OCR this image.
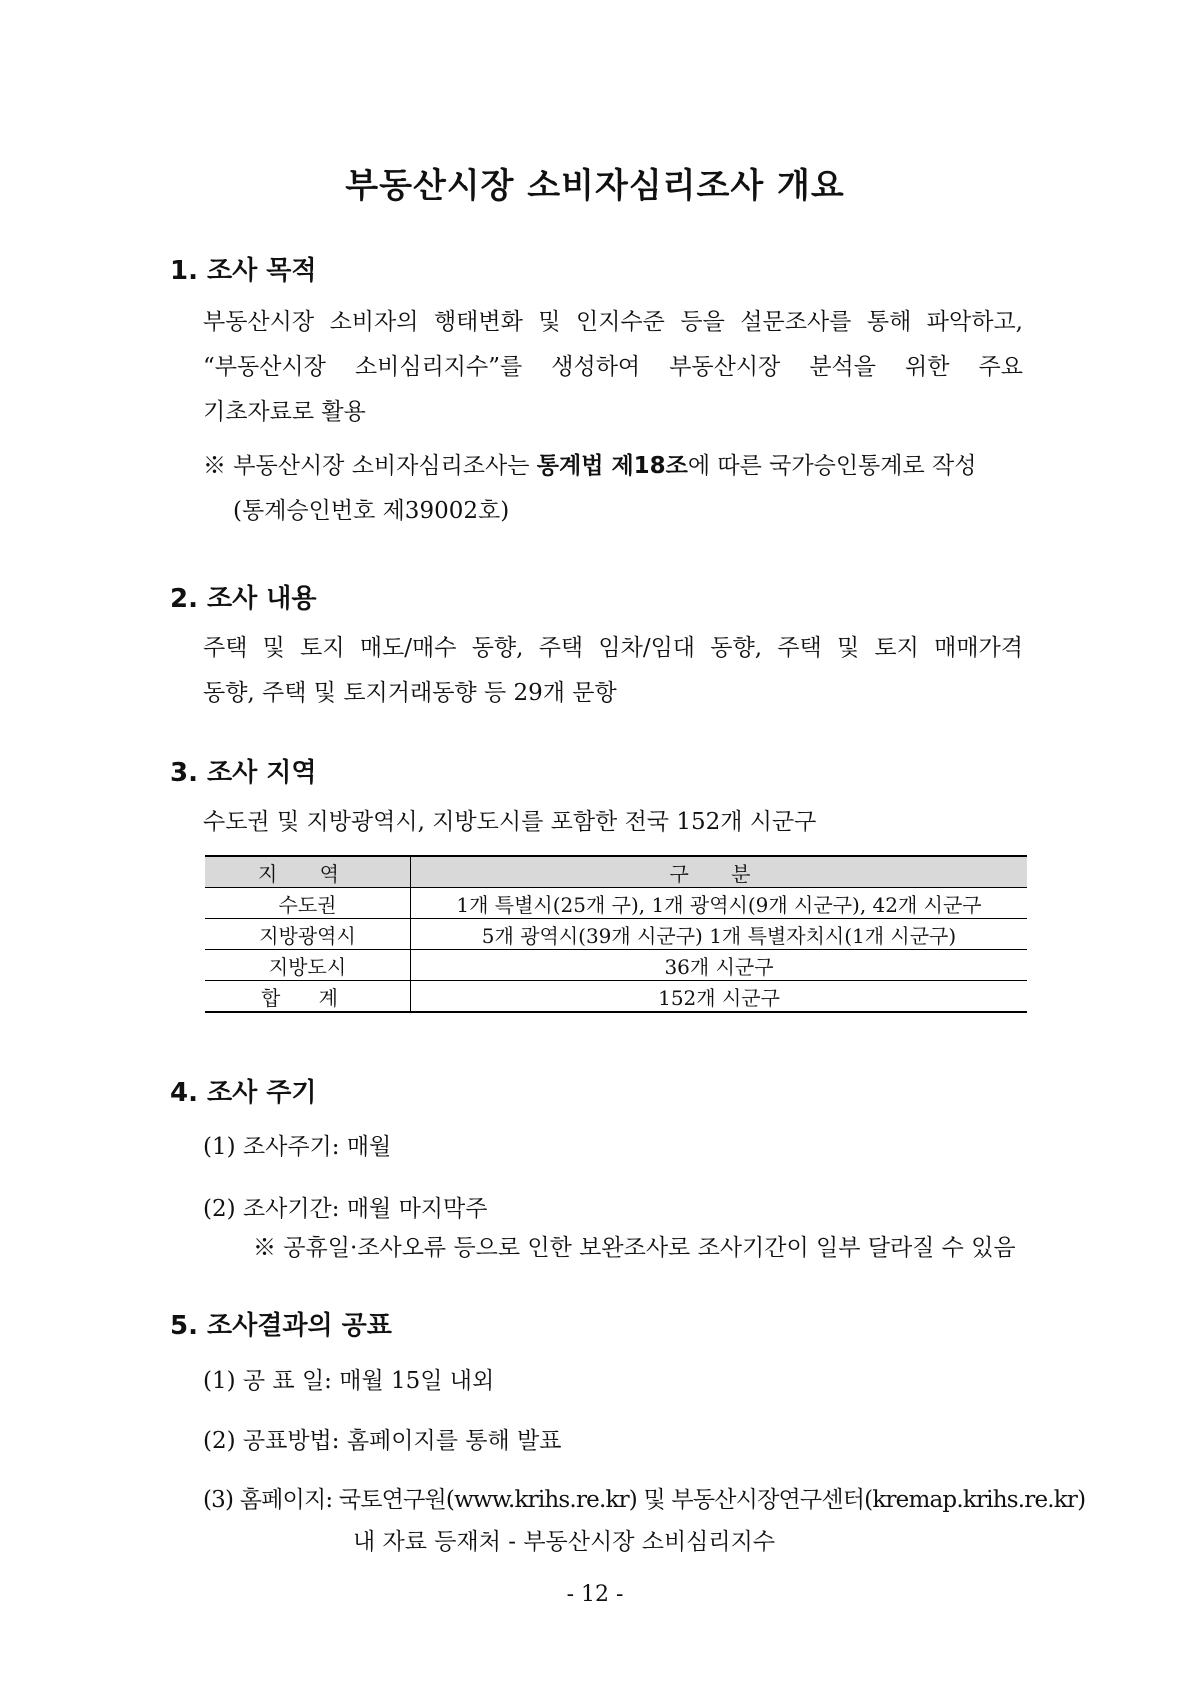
부동산시장 소비자심리조사 개요
1. 조사 목적
부동산시장 소비자의 행태변화 및 인지수준 등을 설문조사를 통해 파악하고,
“부동산시장 소비심리지수”를 생성하여 부동산시장 분석을 위한 주요
기초자료로 활용
※ 부동산시장 소비자심리조사는 통계법 제18조에 따른 국가승인통계로 작성
(통계승인번호 제39002호)
2. 조사 내용
주택 및 토지 매도/매수 동향, 주택 임차/임대 동향, 주택 및 토지 매매가격
동향, 주택 및 토지거래동향 등 29개 문항
3. 조사 지역
수도권 및 지방광역시, 지방도시를 포함한 전국 152개 시군구
지 역	구 분
수도권	1개 특별시(25개 구), 1개 광역시(9개 시군구), 42개 시군구
지방광역시	5개 광역시(39개 시군구) 1개 특별자치시(1개 시군구)
지방도시	36개 시군구
합 계	152개 시군구
4. 조사 주기
(1) 조사주기: 매월
(2) 조사기간: 매월 마지막주
※ 공휴일·조사오류 등으로 인한 보완조사로 조사기간이 일부 달라질 수 있음
5. 조사결과의 공표
(1) 공 표 일: 매월 15일 내외
(2) 공표방법: 홈페이지를 통해 발표
(3) 홈페이지: 국토연구원(www.krihs.re.kr) 및 부동산시장연구센터(kremap.krihs.re.kr)
내 자료 등재처 - 부동산시장 소비심리지수
- 12 -
